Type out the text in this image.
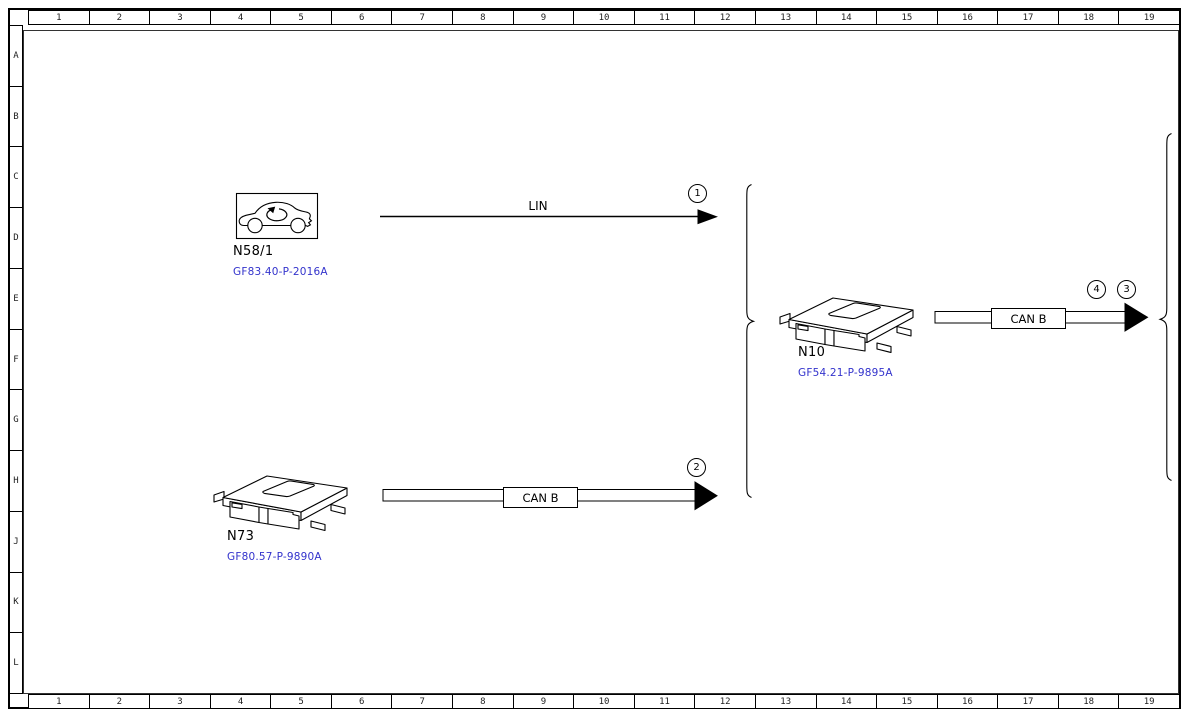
1	2	3	4	5	6	7	8	9	10	11	12	13	14	15	16	17	18	19
1	2	3	4	5	6	7	8	9	10	11	12	13	14	15	16	17	18	19
A
B
C
D
E
F
G
H
J
K
L
N58/1
GF83.40-P-2016A
N73
GF80.57-P-9890A
N10
GF54.21-P-9895A
LIN
CAN B
CAN B
1
2
4	3
